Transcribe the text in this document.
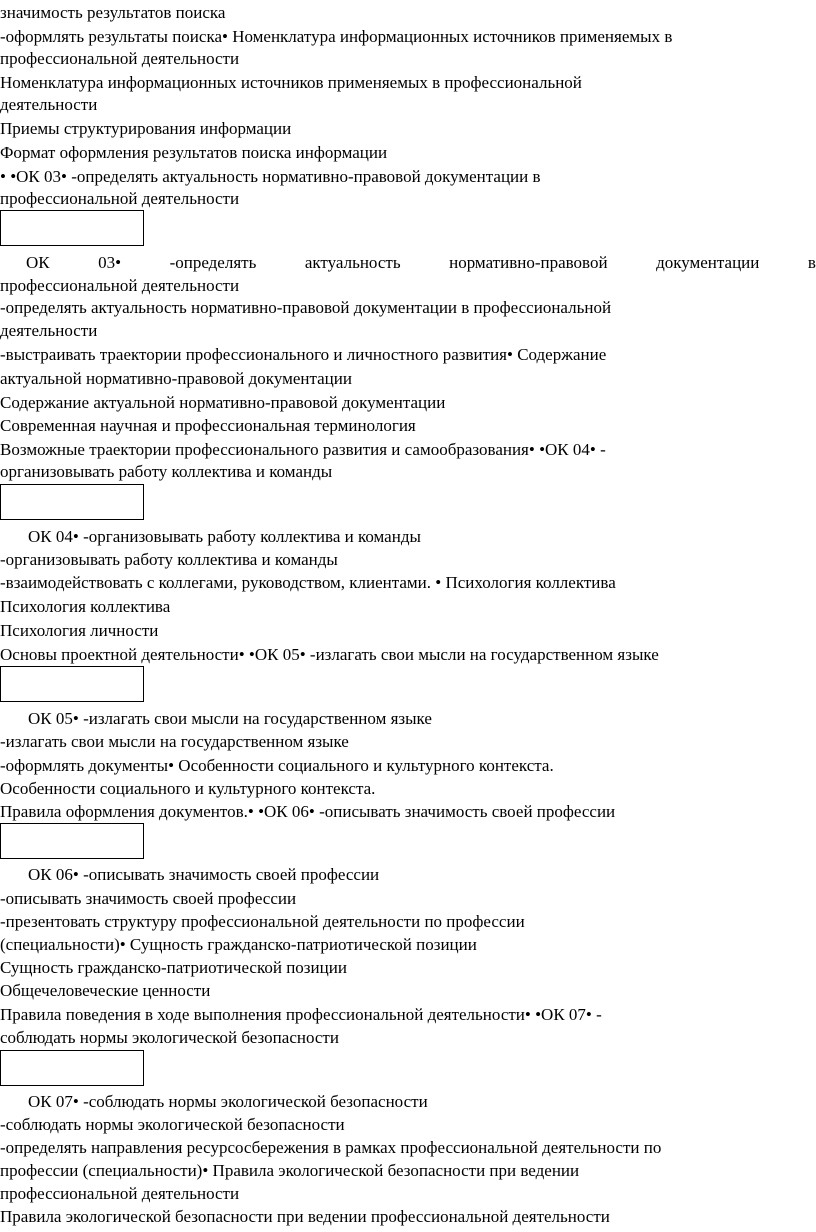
значимость результатов поиска
-оформлять результаты поиска• Номенклатура информационных источников применяемых в
профессиональной деятельности
Номенклатура информационных источников применяемых в профессиональной
деятельности
Приемы структурирования информации
Формат оформления результатов поиска информации
• •ОК 03• -определять актуальность нормативно-правовой документации в
профессиональной деятельности
ОК	03•	-определять	актуальность	нормативно-правовой	документации	в
профессиональной деятельности
-определять актуальность нормативно-правовой документации в профессиональной
деятельности
-выстраивать траектории профессионального и личностного развития• Содержание
актуальной нормативно-правовой документации
Содержание актуальной нормативно-правовой документации
Современная научная и профессиональная терминология
Возможные траектории профессионального развития и самообразования• •ОК 04• -
организовывать работу коллектива и команды
ОК 04• -организовывать работу коллектива и команды
-организовывать работу коллектива и команды
-взаимодействовать с коллегами, руководством, клиентами. • Психология коллектива
Психология коллектива
Психология личности
Основы проектной деятельности• •ОК 05• -излагать свои мысли на государственном языке
ОК 05• -излагать свои мысли на государственном языке
-излагать свои мысли на государственном языке
-оформлять документы• Особенности социального и культурного контекста.
Особенности социального и культурного контекста.
Правила оформления документов.• •ОК 06• -описывать значимость своей профессии
ОК 06• -описывать значимость своей профессии
-описывать значимость своей профессии
-презентовать структуру профессиональной деятельности по профессии
(специальности)• Сущность гражданско-патриотической позиции
Сущность гражданско-патриотической позиции
Общечеловеческие ценности
Правила поведения в ходе выполнения профессиональной деятельности• •ОК 07• -
соблюдать нормы экологической безопасности
ОК 07• -соблюдать нормы экологической безопасности
-соблюдать нормы экологической безопасности
-определять направления ресурсосбережения в рамках профессиональной деятельности по
профессии (специальности)• Правила экологической безопасности при ведении
профессиональной деятельности
Правила экологической безопасности при ведении профессиональной деятельности
